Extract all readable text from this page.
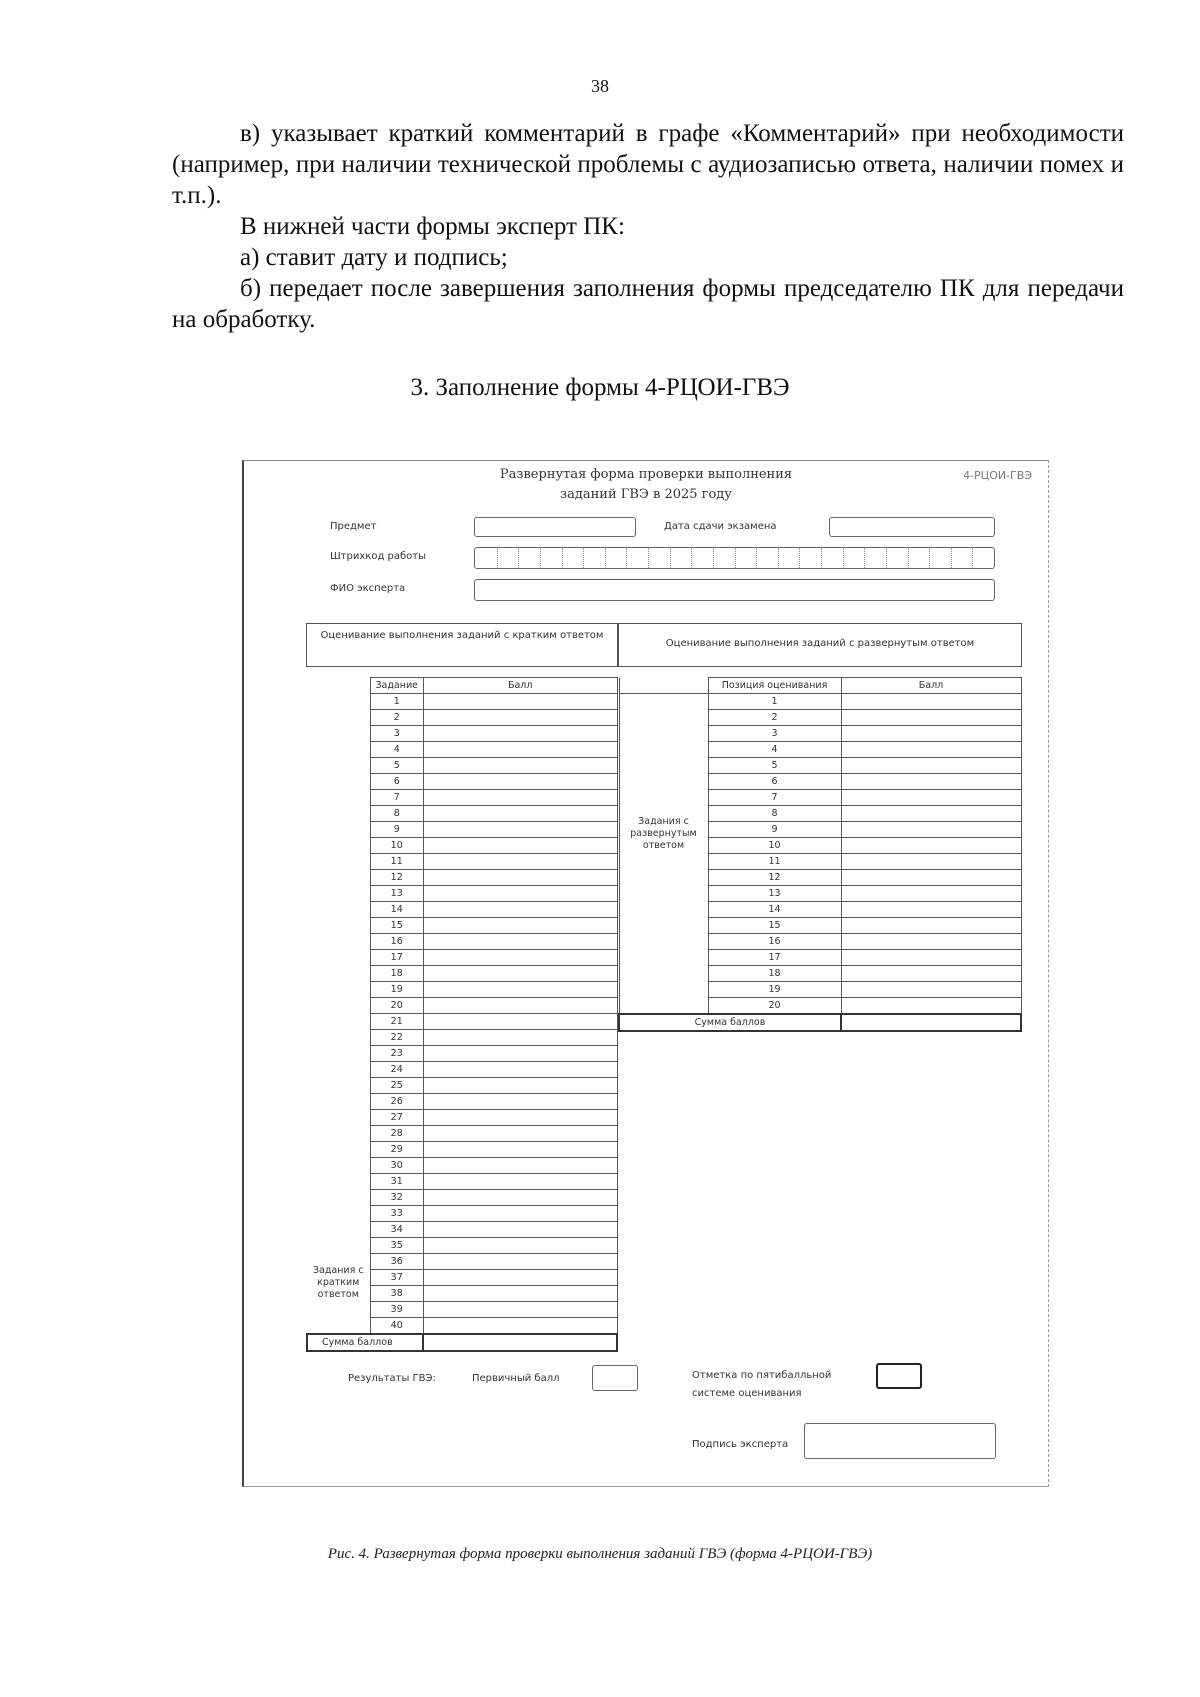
38

в) указывает краткий комментарий в графе «Комментарий» при необходимости (например, при наличии технической проблемы с аудиозаписью ответа, наличии помех и т.п.).

В нижней части формы эксперт ПК:

а) ставит дату и подпись;

б) передает после завершения заполнения формы председателю ПК для передачи на обработку.

3. Заполнение формы 4-РЦОИ-ГВЭ
Развернутая форма проверки выполнения
заданий ГВЭ в 2025 году
4-РЦОИ-ГВЭ
Предмет	Дата сдачи экзамена
Штрихкод работы
ФИО эксперта
Оценивание выполнения заданий с кратким ответом
Оценивание выполнения заданий с развернутым ответом
	Задание	Балл
Задания с кратким ответом	1	
	2	
	3	
	4	
	5	
	6	
	7	
	8	
	9	
	10	
	11	
	12	
	13	
	14	
	15	
	16	
	17	
	18	
	19	
	20	
	21	
	22	
	23	
	24	
	25	
	26	
	27	
	28	
	29	
	30	
	31	
	32	
	33	
	34	
	35	
	36	
	37	
	38	
	39	
	40	
Сумма баллов		
	Позиция оценивания	Балл
Задания с развернутым ответом	1	
	2	
	3	
	4	
	5	
	6	
	7	
	8	
	9	
	10	
	11	
	12	
	13	
	14	
	15	
	16	
	17	
	18	
	19	
	20	
Сумма баллов		
Результаты ГВЭ:	Первичный балл	Отметка по пятибалльной
системе оценивания
Подпись эксперта
Рис. 4. Развернутая форма проверки выполнения заданий ГВЭ (форма 4-РЦОИ-ГВЭ)
